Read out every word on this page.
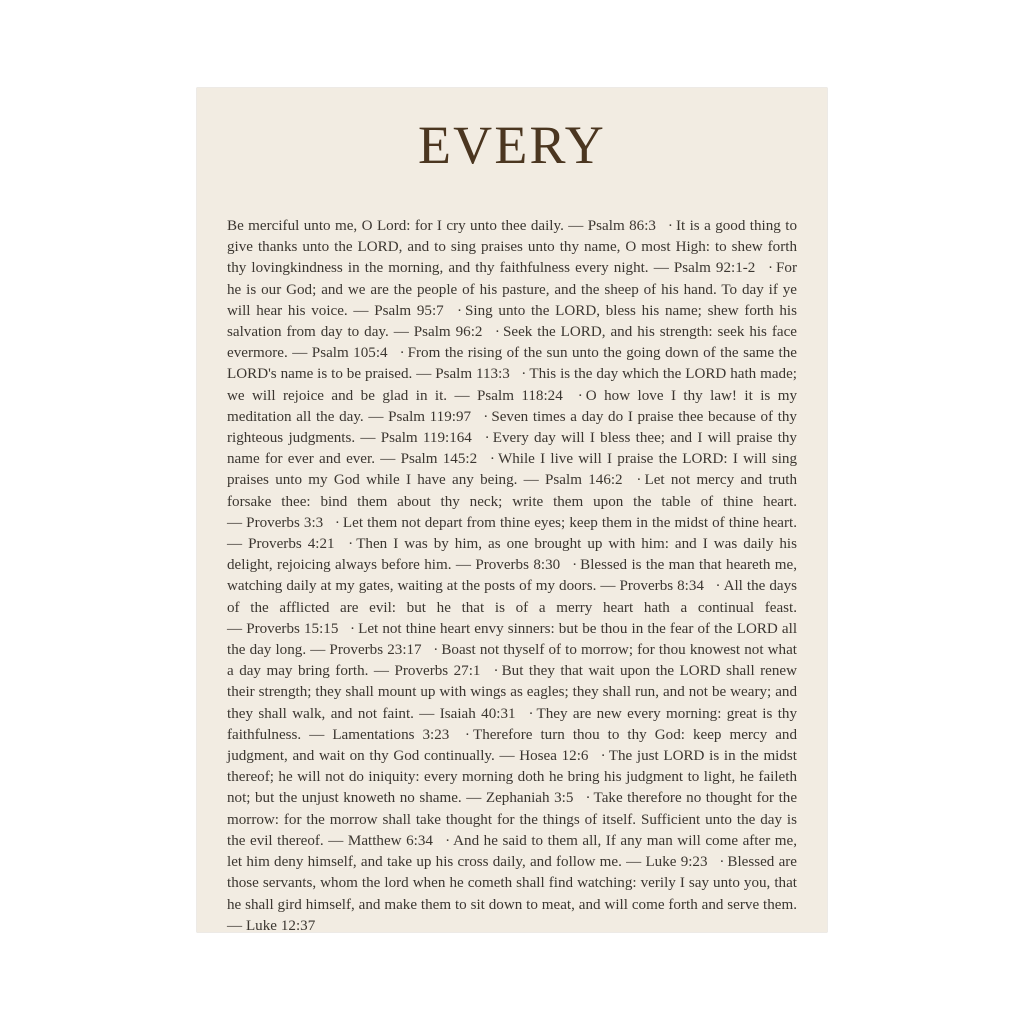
EVERY
Be merciful unto me, O Lord: for I cry unto thee daily. — Psalm 86:3  · It is a good thing to give thanks unto the LORD, and to sing praises unto thy name, O most High: to shew forth thy lovingkindness in the morning, and thy faithfulness every night. — Psalm 92:1-2  · For he is our God; and we are the people of his pasture, and the sheep of his hand. To day if ye will hear his voice. — Psalm 95:7  · Sing unto the LORD, bless his name; shew forth his salvation from day to day. — Psalm 96:2  · Seek the LORD, and his strength: seek his face evermore. — Psalm 105:4  · From the rising of the sun unto the going down of the same the LORD's name is to be praised. — Psalm 113:3  · This is the day which the LORD hath made; we will rejoice and be glad in it. — Psalm 118:24  · O how love I thy law! it is my meditation all the day. — Psalm 119:97  · Seven times a day do I praise thee because of thy righteous judgments. — Psalm 119:164  · Every day will I bless thee; and I will praise thy name for ever and ever. — Psalm 145:2  · While I live will I praise the LORD: I will sing praises unto my God while I have any being. — Psalm 146:2  · Let not mercy and truth forsake thee: bind them about thy neck; write them upon the table of thine heart. — Proverbs 3:3  · Let them not depart from thine eyes; keep them in the midst of thine heart. — Proverbs 4:21  · Then I was by him, as one brought up with him: and I was daily his delight, rejoicing always before him. — Proverbs 8:30  · Blessed is the man that heareth me, watching daily at my gates, waiting at the posts of my doors. — Proverbs 8:34  · All the days of the afflicted are evil: but he that is of a merry heart hath a continual feast. — Proverbs 15:15  · Let not thine heart envy sinners: but be thou in the fear of the LORD all the day long. — Proverbs 23:17  · Boast not thyself of to morrow; for thou knowest not what a day may bring forth. — Proverbs 27:1  · But they that wait upon the LORD shall renew their strength; they shall mount up with wings as eagles; they shall run, and not be weary; and they shall walk, and not faint. — Isaiah 40:31  · They are new every morning: great is thy faithfulness. — Lamentations 3:23  · Therefore turn thou to thy God: keep mercy and judgment, and wait on thy God continually. — Hosea 12:6  · The just LORD is in the midst thereof; he will not do iniquity: every morning doth he bring his judgment to light, he faileth not; but the unjust knoweth no shame. — Zephaniah 3:5  · Take therefore no thought for the morrow: for the morrow shall take thought for the things of itself. Sufficient unto the day is the evil thereof. — Matthew 6:34  · And he said to them all, If any man will come after me, let him deny himself, and take up his cross daily, and follow me. — Luke 9:23  · Blessed are those servants, whom the lord when he cometh shall find watching: verily I say unto you, that he shall gird himself, and make them to sit down to meat, and will come forth and serve them. — Luke 12:37
